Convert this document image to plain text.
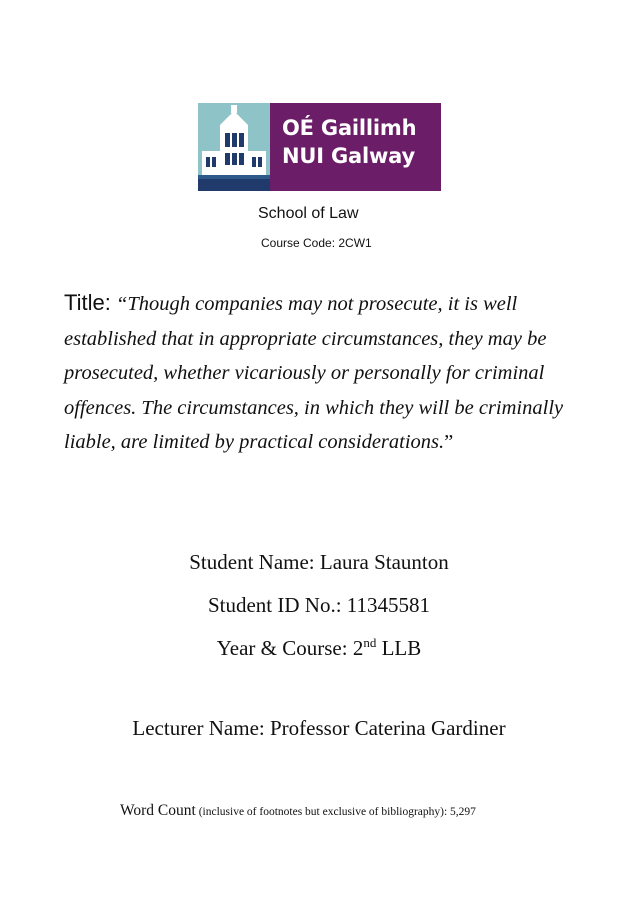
OÉ Gaillimh
NUI Galway
School of Law
Course Code: 2CW1
Title: “Though companies may not prosecute, it is well established that in appropriate circumstances, they may be prosecuted, whether vicariously or personally for criminal offences. The circumstances, in which they will be criminally liable, are limited by practical considerations.”
Student Name: Laura Staunton
Student ID No.: 11345581
Year & Course: 2nd LLB
Lecturer Name: Professor Caterina Gardiner
Word Count (inclusive of footnotes but exclusive of bibliography): 5,297
